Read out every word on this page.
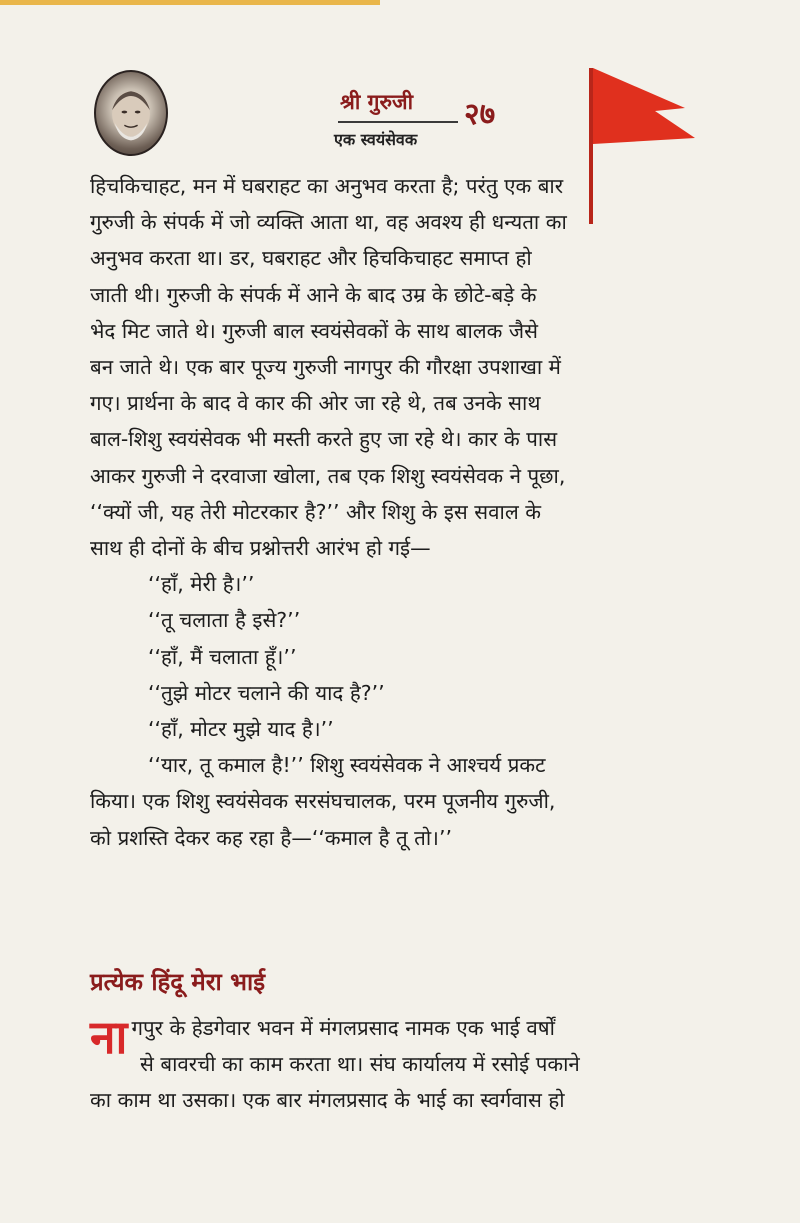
श्री गुरुजी
एक स्वयंसेवक
२७

हिचकिचाहट, मन में घबराहट का अनुभव करता है; परंतु एक बार

गुरुजी के संपर्क में जो व्यक्ति आता था, वह अवश्य ही धन्यता का

अनुभव करता था। डर, घबराहट और हिचकिचाहट समाप्त हो

जाती थी। गुरुजी के संपर्क में आने के बाद उम्र के छोटे-बड़े के

भेद मिट जाते थे। गुरुजी बाल स्वयंसेवकों के साथ बालक जैसे

बन जाते थे। एक बार पूज्य गुरुजी नागपुर की गौरक्षा उपशाखा में

गए। प्रार्थना के बाद वे कार की ओर जा रहे थे, तब उनके साथ

बाल-शिशु स्वयंसेवक भी मस्ती करते हुए जा रहे थे। कार के पास

आकर गुरुजी ने दरवाजा खोला, तब एक शिशु स्वयंसेवक ने पूछा,

‘‘क्यों जी, यह तेरी मोटरकार है?’’ और शिशु के इस सवाल के

साथ ही दोनों के बीच प्रश्नोत्तरी आरंभ हो गई—

‘‘हाँ, मेरी है।’’

‘‘तू चलाता है इसे?’’

‘‘हाँ, मैं चलाता हूँ।’’

‘‘तुझे मोटर चलाने की याद है?’’

‘‘हाँ, मोटर मुझे याद है।’’

‘‘यार, तू कमाल है!’’ शिशु स्वयंसेवक ने आश्चर्य प्रकट

किया। एक शिशु स्वयंसेवक सरसंघचालक, परम पूजनीय गुरुजी,

को प्रशस्ति देकर कह रहा है—‘‘कमाल है तू तो।’’

प्रत्येक हिंदू मेरा भाई
ना गपुर के हेडगेवार भवन में मंगलप्रसाद नामक एक भाई वर्षों

से बावरची का काम करता था। संघ कार्यालय में रसोई पकाने

का काम था उसका। एक बार मंगलप्रसाद के भाई का स्वर्गवास हो
